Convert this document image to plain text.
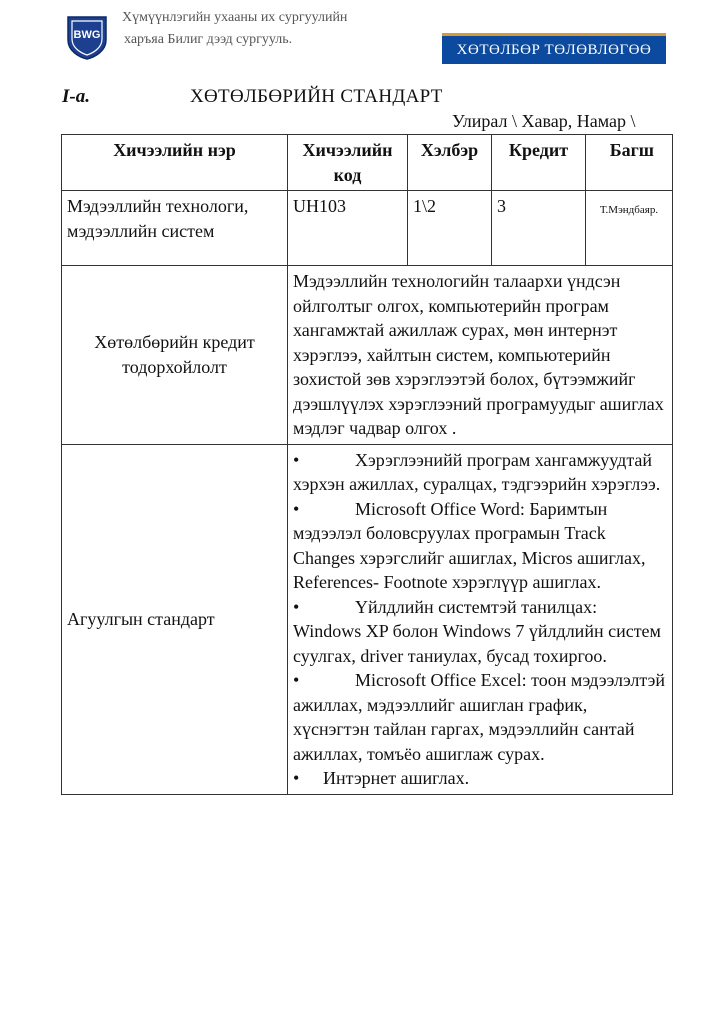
BWG
Хүмүүнлэгийн ухааны их сургуулийн
харъяа Билиг дээд сургууль.
ХӨТӨЛБӨР ТӨЛӨВЛӨГӨӨ
I-a.	ХӨТӨЛБӨРИЙН СТАНДАРТ
Улирал \ Хавар, Намар \
Хичээлийн нэр	Хичээлийн код	Хэлбэр	Кредит	Багш
Мэдээллийн технологи, мэдээллийн систем	UH103	1\2	3	Т.Мэндбаяр.
Хөтөлбөрийн кредит тодорхойлолт	Мэдээллийн технологийн талаархи үндсэн ойлголтыг олгох, компьютерийн програм хангамжтай ажиллаж сурах, мөн интернэт хэрэглээ, хайлтын систем, компьютерийн зохистой зөв хэрэглээтэй болох, бүтээмжийг дээшлүүлэх хэрэглээний програмуудыг ашиглах мэдлэг чадвар олгох .			
Агуулгын стандарт	• Хэрэглээнийй програм хангамжуудтай хэрхэн ажиллах, суралцах, тэдгээрийн хэрэглээ.
• Microsoft Office Word: Баримтын мэдээлэл боловсруулах програмын Track Changes хэрэгслийг ашиглах, Micros ашиглах, References- Footnote хэрэглүүр ашиглах.
• Үйлдлийн системтэй танилцах: Windows XP болон Windows 7 үйлдлийн систем суулгах, driver таниулах, бусад тохиргоо.
• Microsoft Office Excel: тоон мэдээлэлтэй ажиллах, мэдээллийг ашиглан график, хүснэгтэн тайлан гаргах, мэдээллийн сантай ажиллах, томъёо ашиглаж сурах.
• Интэрнет ашиглах.			
